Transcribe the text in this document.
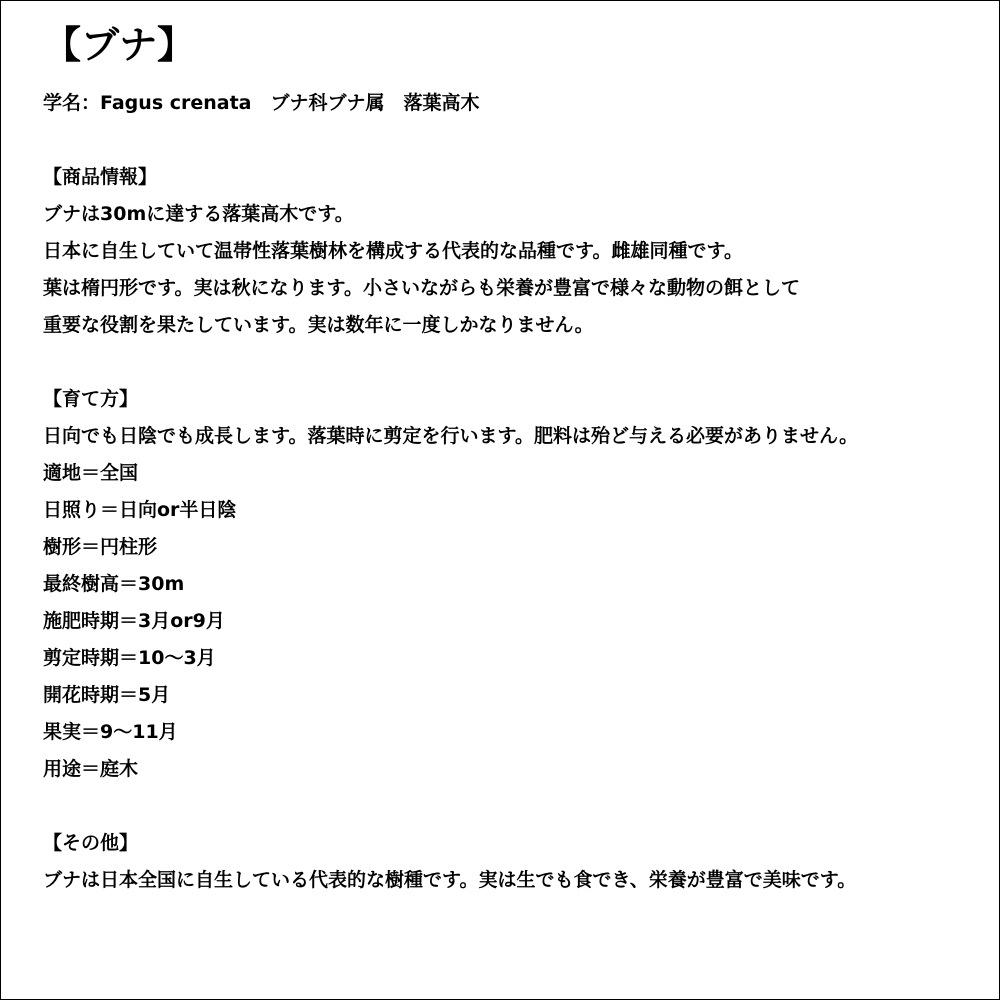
【ブナ】
学名：Fagus crenata　ブナ科ブナ属　落葉高木
【商品情報】
ブナは30mに達する落葉高木です。
日本に自生していて温帯性落葉樹林を構成する代表的な品種です。雌雄同種です。
葉は楕円形です。実は秋になります。小さいながらも栄養が豊富で様々な動物の餌として
重要な役割を果たしています。実は数年に一度しかなりません。
【育て方】
日向でも日陰でも成長します。落葉時に剪定を行います。肥料は殆ど与える必要がありません。
適地＝全国
日照り＝日向or半日陰
樹形＝円柱形
最終樹高＝30m
施肥時期＝3月or9月
剪定時期＝10～3月
開花時期＝5月
果実＝9～11月
用途＝庭木
【その他】
ブナは日本全国に自生している代表的な樹種です。実は生でも食でき、栄養が豊富で美味です。
